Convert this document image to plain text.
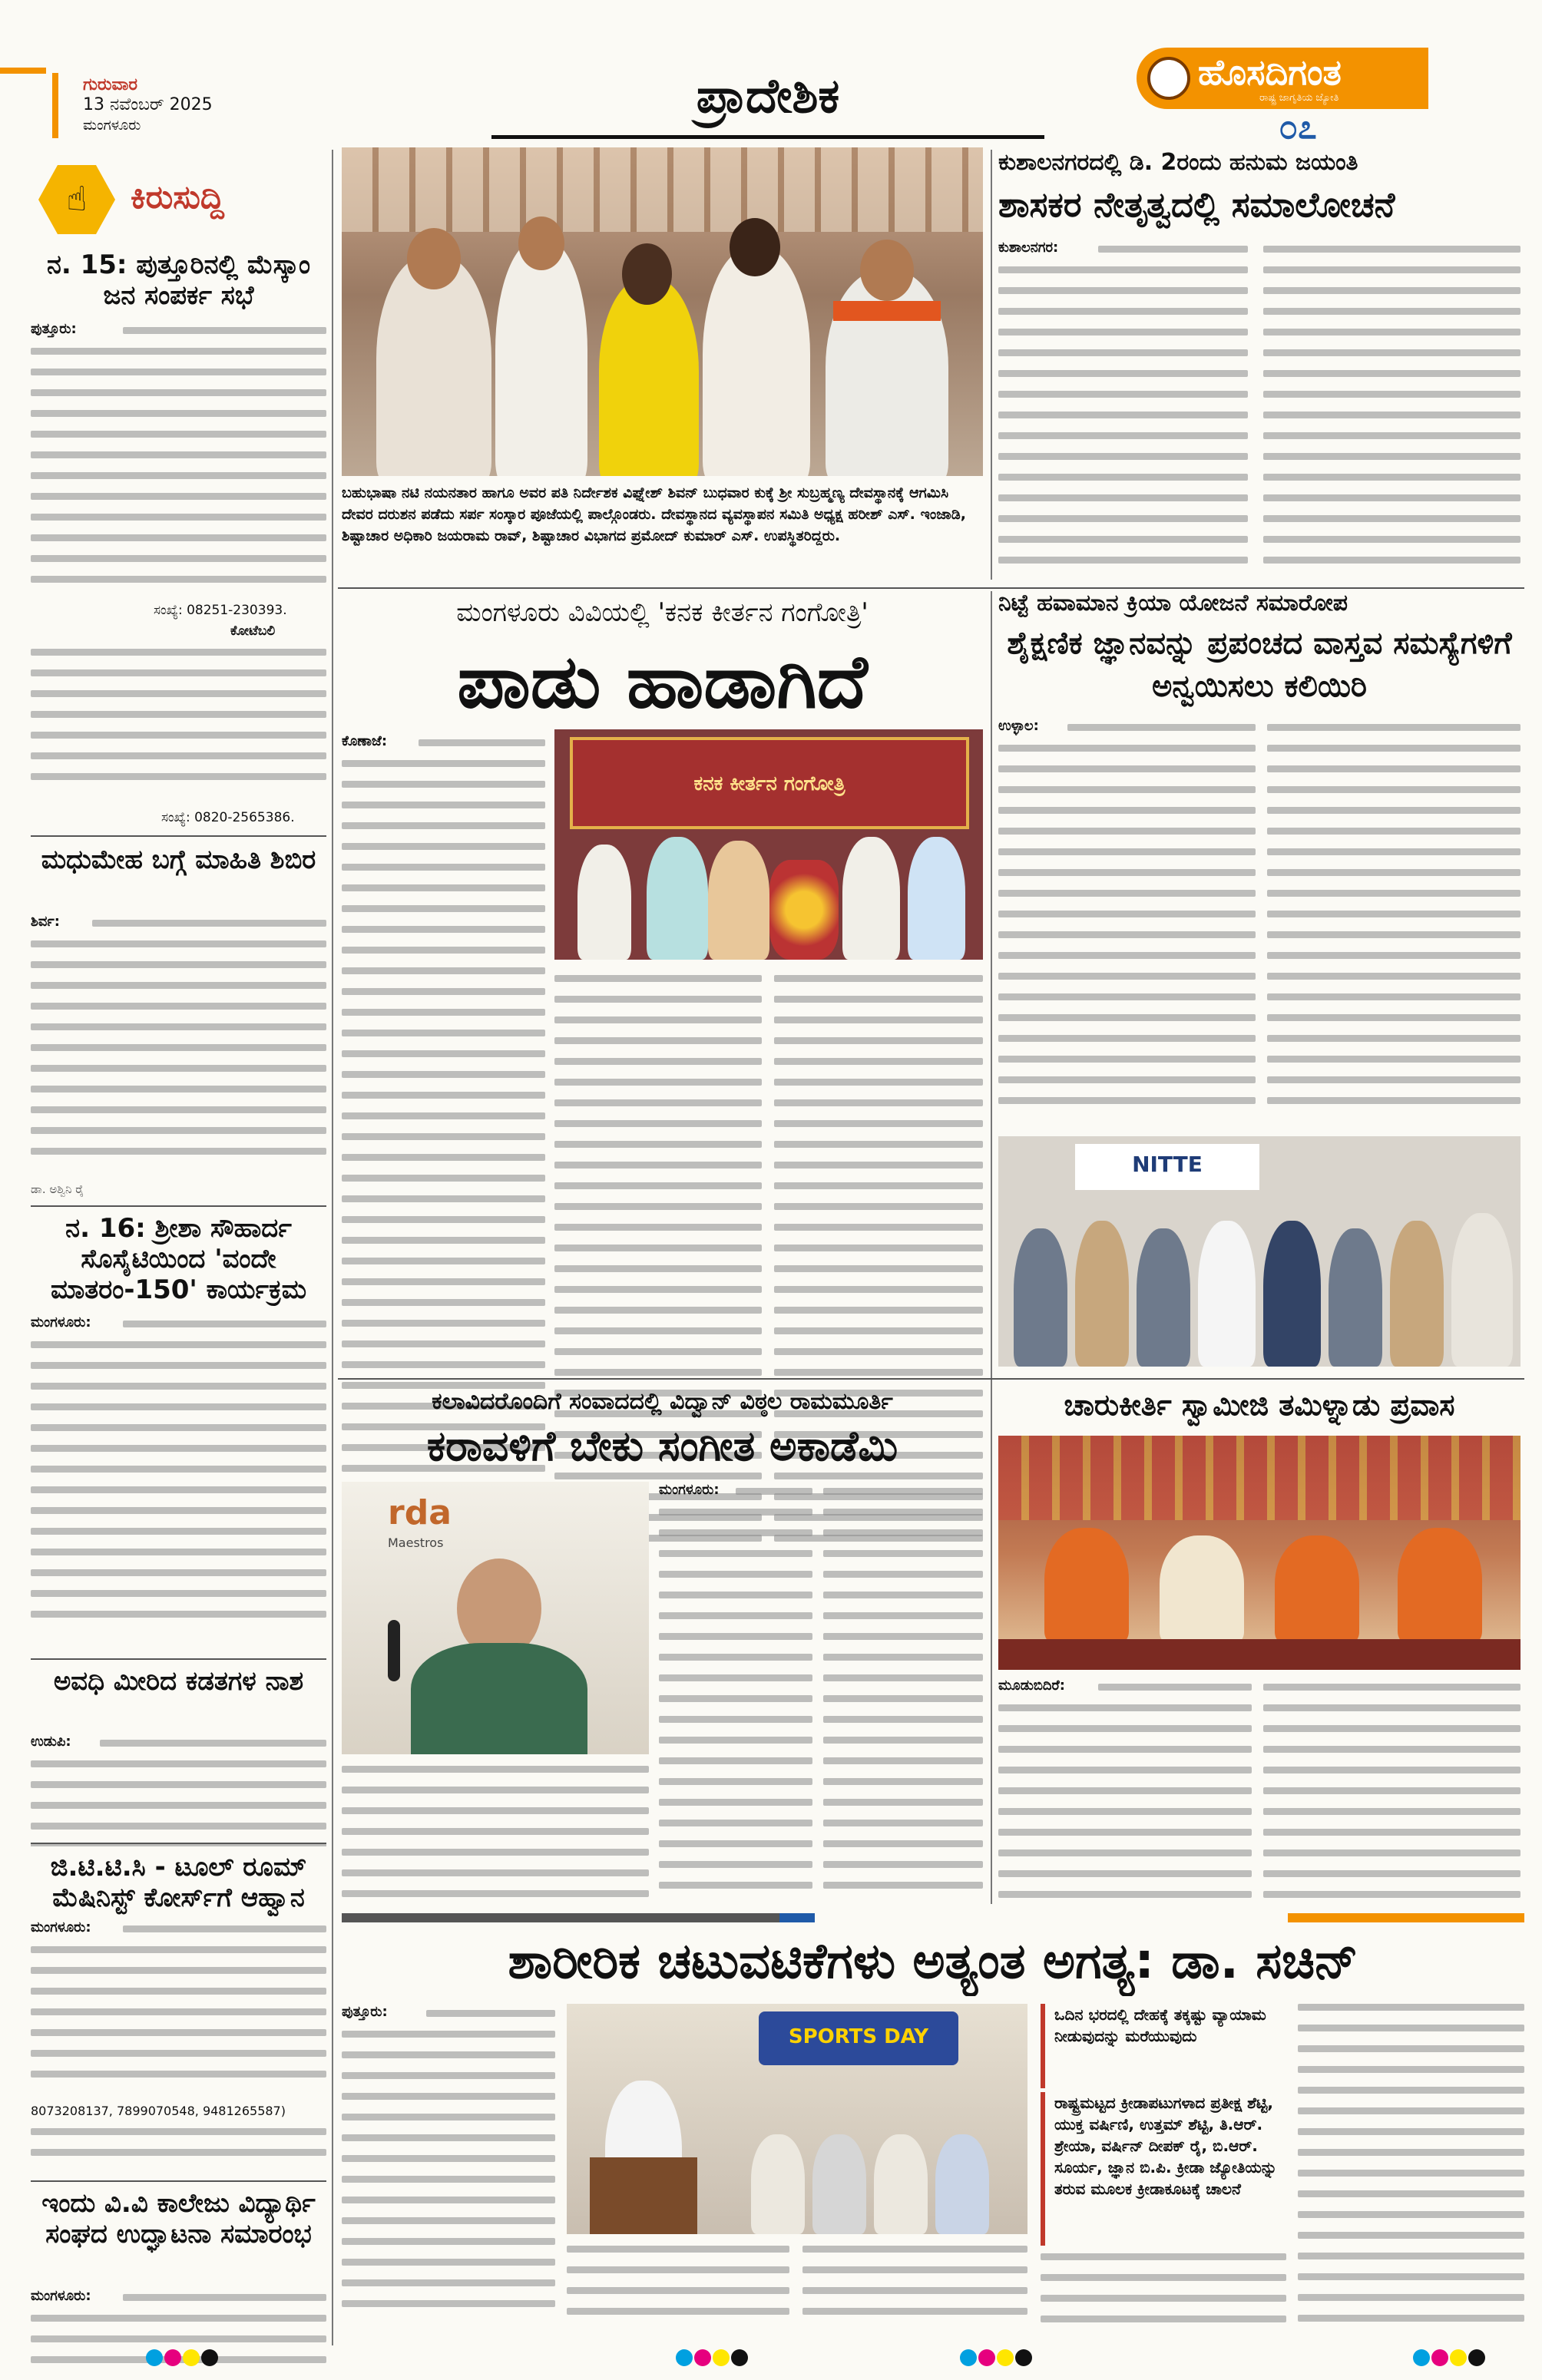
ಗುರುವಾರ
13 ನವೆಂಬರ್ 2025
ಮಂಗಳೂರು
ಪ್ರಾದೇಶಿಕ	ಹೊಸದಿಗಂತ
ರಾಷ್ಟ್ರ ಜಾಗೃತಿಯ ಜ್ಯೋತಿ
೦೭
☝ ಕಿರುಸುದ್ದಿ
ನ. 15: ಪುತ್ತೂರಿನಲ್ಲಿ ಮೆಸ್ಕಾಂ ಜನ ಸಂಪರ್ಕ ಸಭೆ
ಪುತ್ತೂರು:
ಸಂಖ್ಯೆ: 08251-230393.
ಕೋಟೆಬಲಿ
ಸಂಖ್ಯೆ: 0820-2565386.
ಮಧುಮೇಹ ಬಗ್ಗೆ ಮಾಹಿತಿ ಶಿಬಿರ
ಶಿರ್ವ:
ಡಾ. ಅಶ್ವಿನಿ ರೈ
ನ. 16: ಶ್ರೀಶಾ ಸೌಹಾರ್ದ ಸೊಸೈಟಿಯಿಂದ 'ವಂದೇ ಮಾತರಂ-150' ಕಾರ್ಯಕ್ರಮ
ಮಂಗಳೂರು:
ಅವಧಿ ಮೀರಿದ ಕಡತಗಳ ನಾಶ
ಉಡುಪಿ:
ಜಿ.ಟಿ.ಟಿ.ಸಿ - ಟೂಲ್ ರೂಮ್ ಮೆಷಿನಿಸ್ಟ್ ಕೋರ್ಸ್‌ಗೆ ಆಹ್ವಾನ
ಮಂಗಳೂರು:
8073208137, 7899070548, 9481265587)
ಇಂದು ವಿ.ವಿ ಕಾಲೇಜು ವಿದ್ಯಾರ್ಥಿ ಸಂಘದ ಉದ್ಘಾಟನಾ ಸಮಾರಂಭ
ಮಂಗಳೂರು:
ಬಹುಭಾಷಾ ನಟಿ ನಯನತಾರ ಹಾಗೂ ಅವರ ಪತಿ ನಿರ್ದೇಶಕ ವಿಘ್ನೇಶ್ ಶಿವನ್ ಬುಧವಾರ ಕುಕ್ಕೆ ಶ್ರೀ ಸುಬ್ರಹ್ಮಣ್ಯ ದೇವಸ್ಥಾನಕ್ಕೆ ಆಗಮಿಸಿ ದೇವರ ದರುಶನ ಪಡೆದು ಸರ್ಪ ಸಂಸ್ಕಾರ ಪೂಜೆಯಲ್ಲಿ ಪಾಲ್ಗೊಂಡರು. ದೇವಸ್ಥಾನದ ವ್ಯವಸ್ಥಾಪನ ಸಮಿತಿ ಅಧ್ಯಕ್ಷ ಹರೀಶ್ ಎಸ್. ಇಂಜಾಡಿ, ಶಿಷ್ಟಾಚಾರ ಅಧಿಕಾರಿ ಜಯರಾಮ ರಾವ್, ಶಿಷ್ಟಾಚಾರ ವಿಭಾಗದ ಪ್ರಮೋದ್ ಕುಮಾರ್ ಎಸ್. ಉಪಸ್ಥಿತರಿದ್ದರು.
ಕುಶಾಲನಗರದಲ್ಲಿ ಡಿ. 2ರಂದು ಹನುಮ ಜಯಂತಿ
ಶಾಸಕರ ನೇತೃತ್ವದಲ್ಲಿ ಸಮಾಲೋಚನೆ
ಕುಶಾಲನಗರ:
ಮಂಗಳೂರು ವಿವಿಯಲ್ಲಿ 'ಕನಕ ಕೀರ್ತನ ಗಂಗೋತ್ರಿ'
ಪಾಡು ಹಾಡಾಗಿದೆ
ಕೊಣಾಜೆ:
ಕನಕ ಕೀರ್ತನ ಗಂಗೋತ್ರಿ
ನಿಟ್ಟೆ ಹವಾಮಾನ ಕ್ರಿಯಾ ಯೋಜನೆ ಸಮಾರೋಪ
ಶೈಕ್ಷಣಿಕ ಜ್ಞಾನವನ್ನು ಪ್ರಪಂಚದ ವಾಸ್ತವ ಸಮಸ್ಯೆಗಳಿಗೆ ಅನ್ವಯಿಸಲು ಕಲಿಯಿರಿ
ಉಳ್ಳಾಲ:
NITTE
ಕಲಾವಿದರೊಂದಿಗೆ ಸಂವಾದದಲ್ಲಿ ವಿದ್ವಾನ್ ವಿಠ್ಠಲ ರಾಮಮೂರ್ತಿ
ಕರಾವಳಿಗೆ ಬೇಕು ಸಂಗೀತ ಅಕಾಡೆಮಿ
rda
Maestros
ಮಂಗಳೂರು:
ಚಾರುಕೀರ್ತಿ ಸ್ವಾಮೀಜಿ ತಮಿಳ್ನಾಡು ಪ್ರವಾಸ
ಮೂಡುಬಿದಿರೆ:
ಶಾರೀರಿಕ ಚಟುವಟಿಕೆಗಳು ಅತ್ಯಂತ ಅಗತ್ಯ: ಡಾ. ಸಚಿನ್
ಪುತ್ತೂರು:
SPORTS DAY
ಒದಿನ ಭರದಲ್ಲಿ ದೇಹಕ್ಕೆ ತಕ್ಕಷ್ಟು ವ್ಯಾಯಾಮ ನೀಡುವುದನ್ನು ಮರೆಯುವುದು
ರಾಷ್ಟ್ರಮಟ್ಟದ ಕ್ರೀಡಾಪಟುಗಳಾದ ಪ್ರತೀಕ್ಷ ಶೆಟ್ಟಿ, ಯುಕ್ತ ವರ್ಷಿಣಿ, ಉತ್ತಮ್ ಶೆಟ್ಟಿ, ತಿ.ಆರ್. ಶ್ರೇಯಾ, ವರ್ಷಿನ್ ದೀಪಕ್ ರೈ, ಬಿ.ಆರ್. ಸೂರ್ಯ, ಜ್ಞಾನ ಬಿ.ಪಿ. ಕ್ರೀಡಾ ಜ್ಯೋತಿಯನ್ನು ತರುವ ಮೂಲಕ ಕ್ರೀಡಾಕೂಟಕ್ಕೆ ಚಾಲನೆ
